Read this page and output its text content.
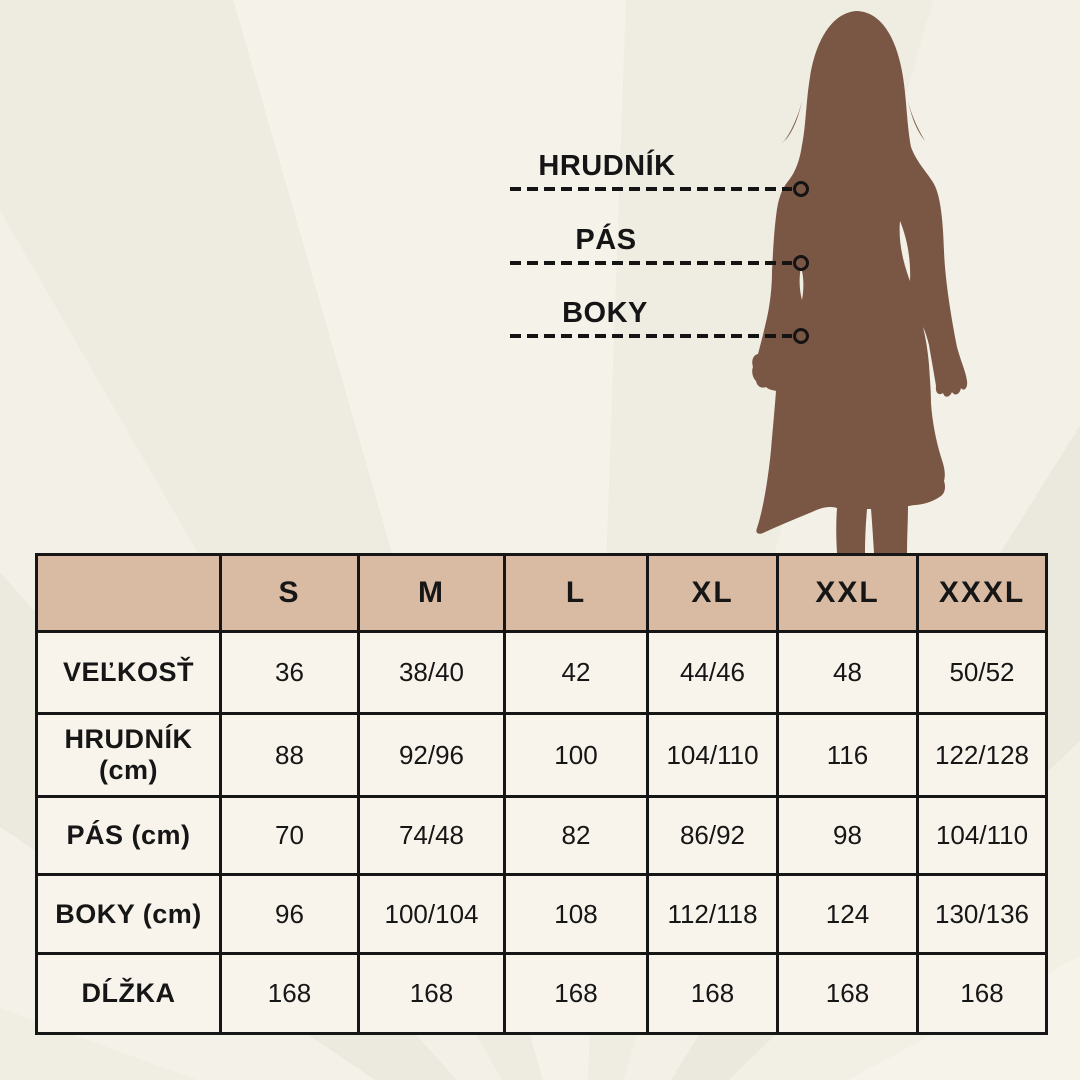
HRUDNÍK
PÁS
BOKY
	S	M	L	XL	XXL	XXXL
VEĽKOSŤ	36	38/40	42	44/46	48	50/52
HRUDNÍK (cm)	88	92/96	100	104/110	116	122/128
PÁS (cm)	70	74/48	82	86/92	98	104/110
BOKY (cm)	96	100/104	108	112/118	124	130/136
DĹŽKA	168	168	168	168	168	168
